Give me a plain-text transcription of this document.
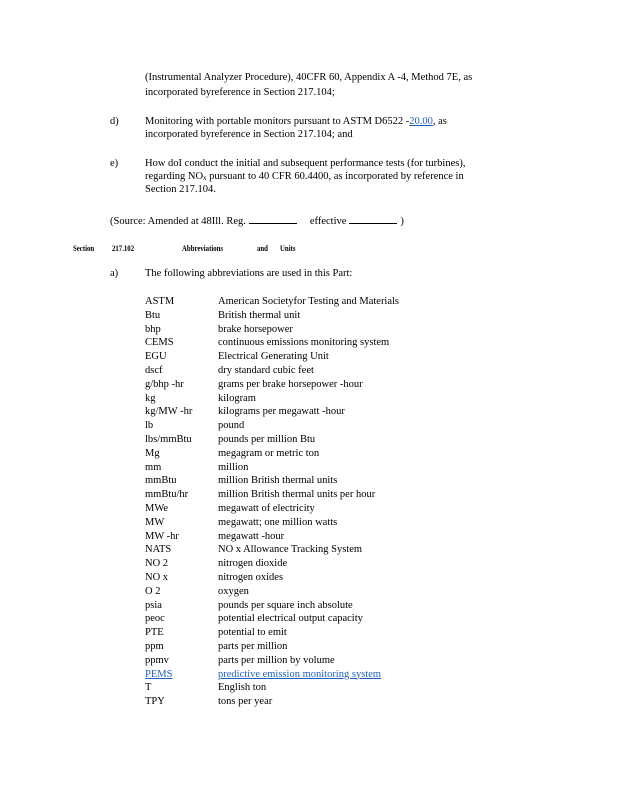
(Instrumental Analyzer Procedure), 40CFR 60, Appendix A -4, Method 7E, as
incorporated byreference in Section 217.104;
d)	Monitoring with portable monitors pursuant to ASTM D6522 -20.00, as
incorporated byreference in Section 217.104; and
e)	How doI conduct the initial and subsequent performance tests (for turbines),
regarding NOx pursuant to 40 CFR 60.4400, as incorporated by reference in
Section 217.104.
(Source: Amended at 48Ill. Reg.	effective	)
Section 217.102	Abbreviations	and Units
a)	The following abbreviations are used in this Part:
ASTM	American Societyfor Testing and Materials
Btu	British thermal unit
bhp	brake horsepower
CEMS	continuous emissions monitoring system
EGU	Electrical Generating Unit
dscf	dry standard cubic feet
g/bhp -hr	grams per brake horsepower -hour
kg	kilogram
kg/MW -hr	kilograms per megawatt -hour
lb	pound
lbs/mmBtu	pounds per million Btu
Mg	megagram or metric ton
mm	million
mmBtu	million British thermal units
mmBtu/hr	million British thermal units per hour
MWe	megawatt of electricity
MW	megawatt; one million watts
MW -hr	megawatt -hour
NATS	NO x Allowance Tracking System
NO 2	nitrogen dioxide
NO x	nitrogen oxides
O 2	oxygen
psia	pounds per square inch absolute
peoc	potential electrical output capacity
PTE	potential to emit
ppm	parts per million
ppmv	parts per million by volume
PEMS	predictive emission monitoring system
T	English ton
TPY	tons per year
